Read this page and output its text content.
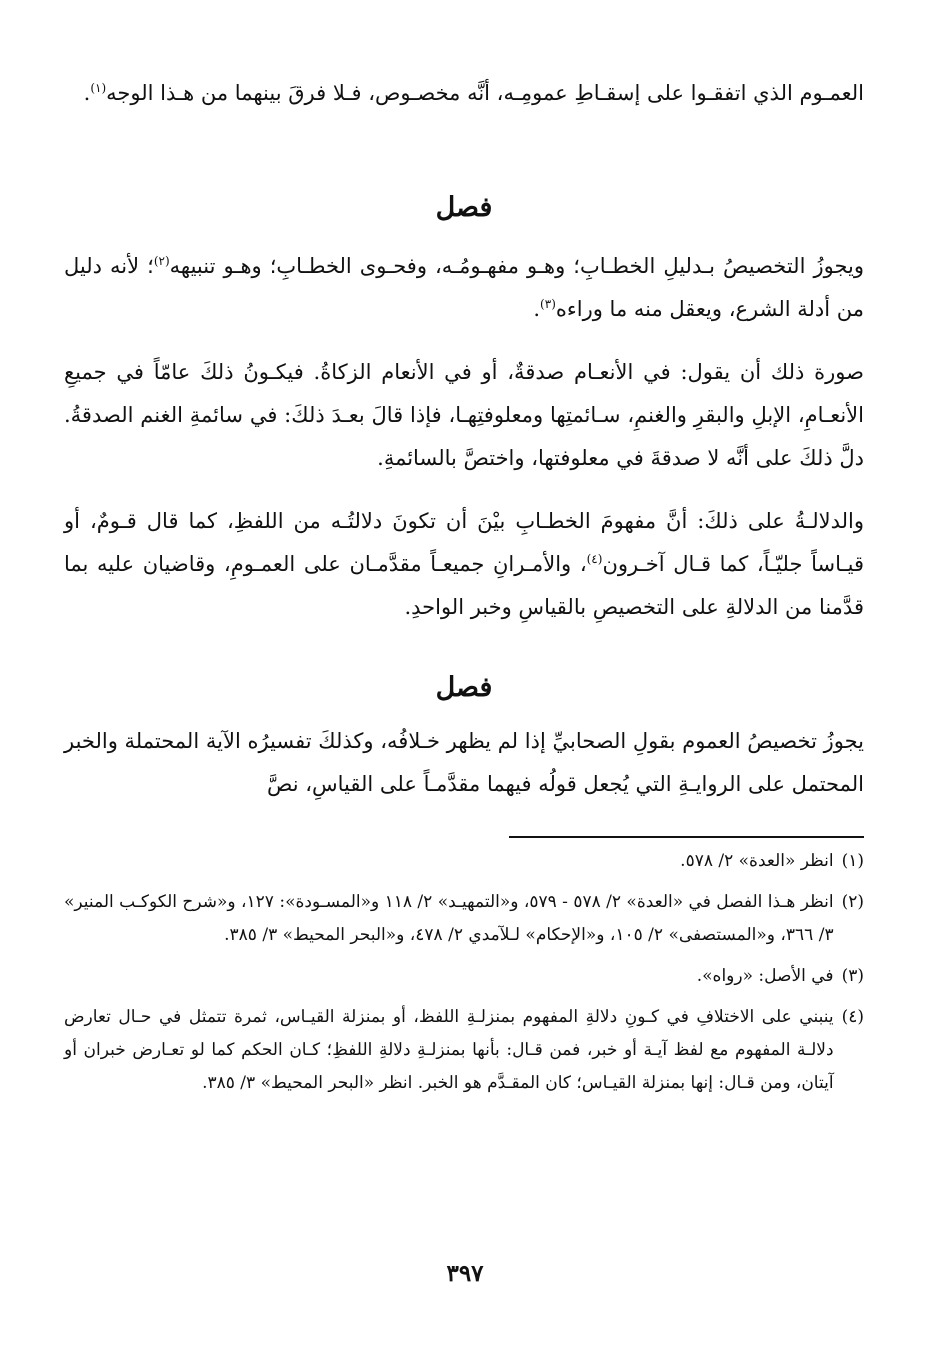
العمـوم الذي اتفقـوا على إسقـاطِ عمومِـه، أنَّه مخصـوص، فـلا فرقَ بينهما من هـذا الوجه$^{(١)}$.

فصل

ويجوزُ التخصيصُ بـدليلِ الخطـابِ؛ وهـو مفهـومُـه، وفحـوى الخطـابِ؛ وهـو تنبيهه$^{(٢)}$؛ لأنه دليل من أدلة الشرع، ويعقل منه ما وراءه$^{(٣)}$.

صورة ذلك أن يقول: في الأنعـام صدقةٌ، أو في الأنعام الزكاةُ. فيكـونُ ذلكَ عامّاً في جميعِ الأنعـامِ، الإبلِ والبقرِ والغنمِ، سـائمتِها ومعلوفتِهـا، فإذا قالَ بعـدَ ذلكَ: في سائمةِ الغنم الصدقةُ. دلَّ ذلكَ على أنَّه لا صدقةَ في معلوفتها، واختصَّ بالسائمةِ.

والدلالـةُ على ذلكَ: أنَّ مفهومَ الخطـابِ بيْنَ أن تكونَ دلالتُـه من اللفظِ، كما قال قـومٌ، أو قيـاساً جليّـاً، كما قـال آخـرون$^{(٤)}$، والأمـرانِ جميعـاً مقدَّمـان على العمـومِ، وقاضيان عليه بما قدَّمنا من الدلالةِ على التخصيصِ بالقياسِ وخبر الواحدِ.

فصل

يجوزُ تخصيصُ العموم بقولِ الصحابيِّ إذا لم يظهر خـلافُه، وكذلكَ تفسيرُه الآية المحتملة والخبر المحتمل على الروايـةِ التي يُجعل قولُه فيهما مقدَّمـاً على القياسِ، نصَّ

(١)
انظر «العدة» ٢/ ٥٧٨.
(٢)
انظر هـذا الفصل في «العدة» ٢/ ٥٧٨ - ٥٧٩، و«التمهيـد» ٢/ ١١٨ و«المسـودة»: ١٢٧، و«شرح الكوكـب المنير» ٣/ ٣٦٦، و«المستصفى» ٢/ ١٠٥، و«الإحكام» لـلآمدي ٢/ ٤٧٨، و«البحر المحيط» ٣/ ٣٨٥.
(٣)
في الأصل: «رواه».
(٤)
ينبني على الاختلافِ في كـونِ دلالةِ المفهوم بمنزلـةِ اللفظ، أو بمنزلة القيـاس، ثمرة تتمثل في حـال تعارض دلالـة المفهوم مع لفظ آيـة أو خبر، فمن قـال: بأنها بمنزلـةِ دلالةِ اللفظِ؛ كـان الحكم كما لو تعـارض خبران أو آيتان، ومن قـال: إنها بمنزلة القيـاس؛ كان المقـدَّم هو الخبر. انظر «البحر المحيط» ٣/ ٣٨٥.
٣٩٧
